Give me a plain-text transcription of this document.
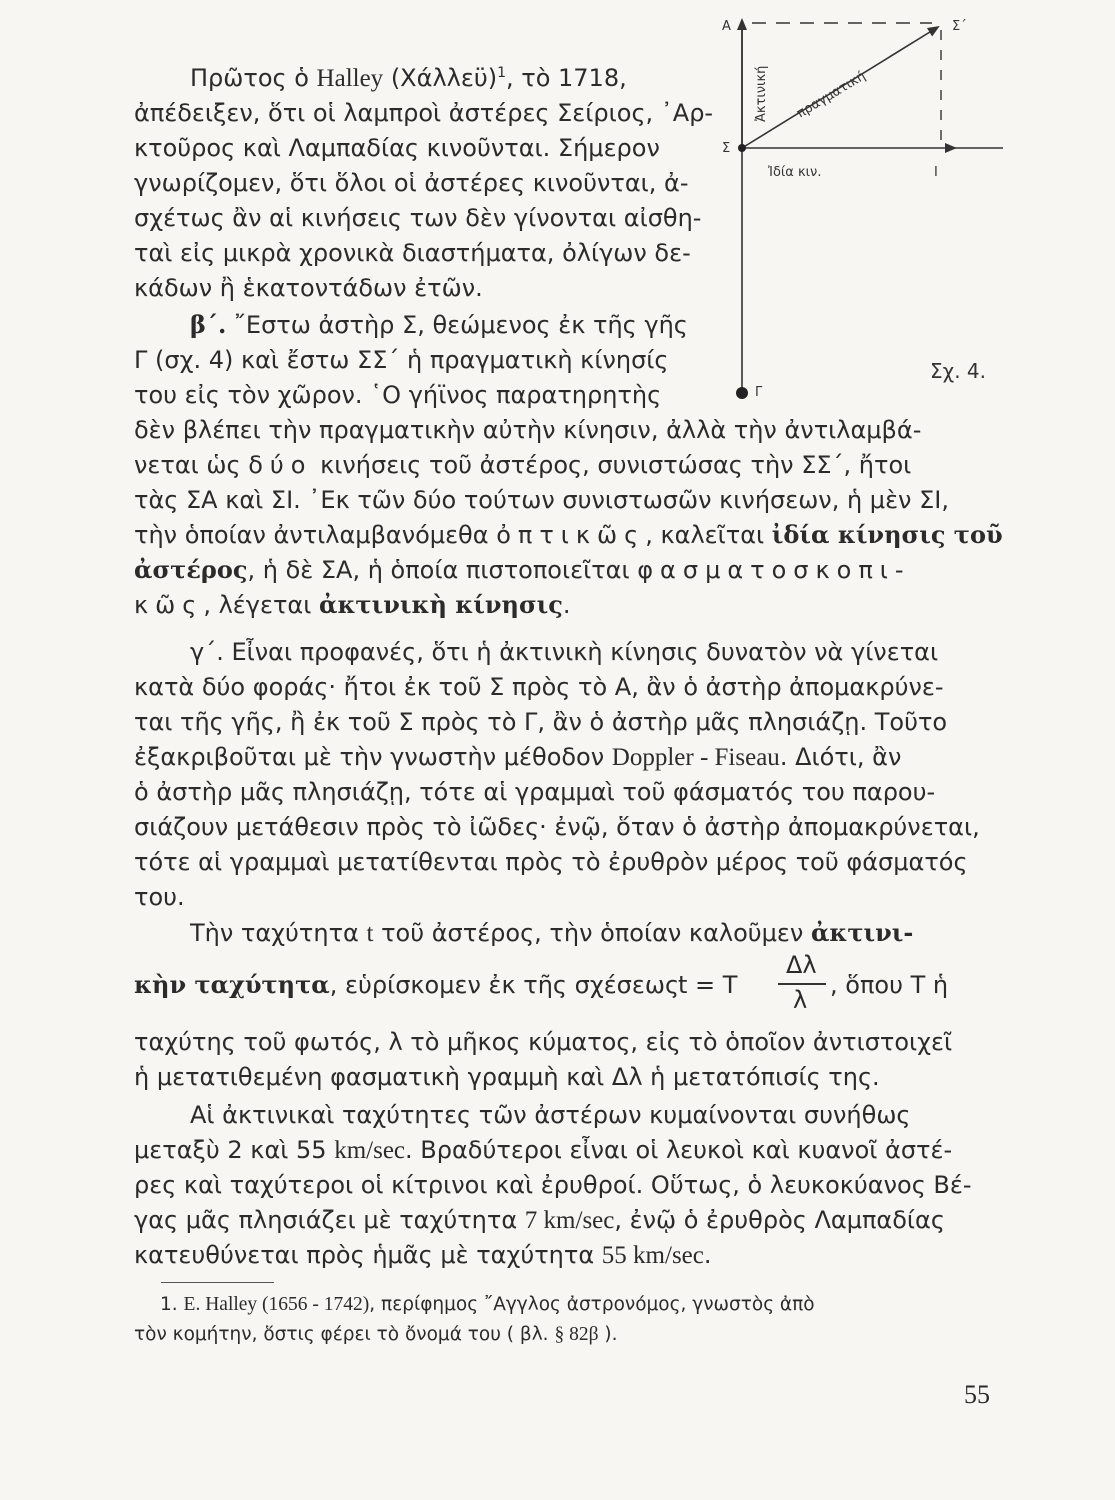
Α
Σ
Σ΄
Ι
Γ
Ἀκτινική πραγματική
Ἰδία κιν.
Σχ. 4.
Πρῶτος ὁ Halley $(Xά\lambda\lambda\varepsilon ϋ)^1$, τὸ 1718,
ἀπέδειξεν, ὅτι οἱ λαμπροὶ ἀστέρες Σείριος, ᾿Αρ-
κτοῦρος καὶ Λαμπαδίας κινοῦνται. Σήμερον
γνωρίζομεν, ὅτι ὅλοι οἱ ἀστέρες κινοῦνται, ἀ-
σχέτως ἂν αἱ κινήσεις των δὲν γίνονται αἰσθη-
ταὶ εἰς μικρὰ χρονικὰ διαστήματα, ὀλίγων δε-
κάδων ἢ ἑκατοντάδων ἐτῶν.
β΄. ῎Εστω ἀστὴρ Σ, θεώμενος ἐκ τῆς γῆς
Γ (σχ. 4) καὶ ἔστω ΣΣ΄ ἡ πραγματικὴ κίνησίς
του εἰς τὸν χῶρον. ῾Ο γήϊνος παρατηρητὴς
δὲν βλέπει τὴν πραγματικὴν αὐτὴν κίνησιν, ἀλλὰ τὴν ἀντιλαμβά-
νεται ὡς δύο κινήσεις τοῦ ἀστέρος, συνιστώσας τὴν ΣΣ΄, ἤτοι
τὰς ΣΑ καὶ ΣΙ. ᾿Εκ τῶν δύο τούτων συνιστωσῶν κινήσεων, ἡ μὲν ΣΙ,
τὴν ὁποίαν ἀντιλαμβανόμεθα ὀπτικῶς, καλεῖται ἰδία κίνησις τοῦ
ἀστέρος, ἡ δὲ ΣΑ, ἡ ὁποία πιστοποιεῖται φασματοσκοπι-
κῶς, λέγεται ἀκτινικὴ κίνησις.
γ΄. Εἶναι προφανές, ὅτι ἡ ἀκτινικὴ κίνησις δυνατὸν νὰ γίνεται
κατὰ δύο φοράς· ἤτοι ἐκ τοῦ Σ πρὸς τὸ Α, ἂν ὁ ἀστὴρ ἀπομακρύνε-
ται τῆς γῆς, ἢ ἐκ τοῦ Σ πρὸς τὸ Γ, ἂν ὁ ἀστὴρ μᾶς πλησιάζῃ. Τοῦτο
ἐξακριβοῦται μὲ τὴν γνωστὴν μέθοδον Doppler - Fiseau. Διότι, ἂν
ὁ ἀστὴρ μᾶς πλησιάζῃ, τότε αἱ γραμμαὶ τοῦ φάσματός του παρου-
σιάζουν μετάθεσιν πρὸς τὸ ἰῶδες· ἐνῷ, ὅταν ὁ ἀστὴρ ἀπομακρύνεται,
τότε αἱ γραμμαὶ μετατίθενται πρὸς τὸ ἐρυθρὸν μέρος τοῦ φάσματός
του.
Τὴν ταχύτητα t τοῦ ἀστέρος, τὴν ὁποίαν καλοῦμεν ἀκτινι-
κὴν ταχύτητα, εὑρίσκομεν ἐκ τῆς σχέσεως
t = T
Δλ
λ
, ὅπου Τ ἡ
ταχύτης τοῦ φωτός, λ τὸ μῆκος κύματος, εἰς τὸ ὁποῖον ἀντιστοιχεῖ
ἡ μετατιθεμένη φασματικὴ γραμμὴ καὶ Δλ ἡ μετατόπισίς της.
Αἱ ἀκτινικαὶ ταχύτητες τῶν ἀστέρων κυμαίνονται συνήθως
μεταξὺ 2 καὶ 55 km/sec. Βραδύτεροι εἶναι οἱ λευκοὶ καὶ κυανοῖ ἀστέ-
ρες καὶ ταχύτεροι οἱ κίτρινοι καὶ ἐρυθροί. Οὕτως, ὁ λευκοκύανος Βέ-
γας μᾶς πλησιάζει μὲ ταχύτητα 7 km/sec, ἐνῷ ὁ ἐρυθρὸς Λαμπαδίας
κατευθύνεται πρὸς ἡμᾶς μὲ ταχύτητα 55 km/sec.
1. E. Halley (1656 - 1742), περίφημος ῎Αγγλος ἀστρονόμος, γνωστὸς ἀπὸ
τὸν κομήτην, ὅστις φέρει τὸ ὄνομά του ( βλ. § 82β ).
55
